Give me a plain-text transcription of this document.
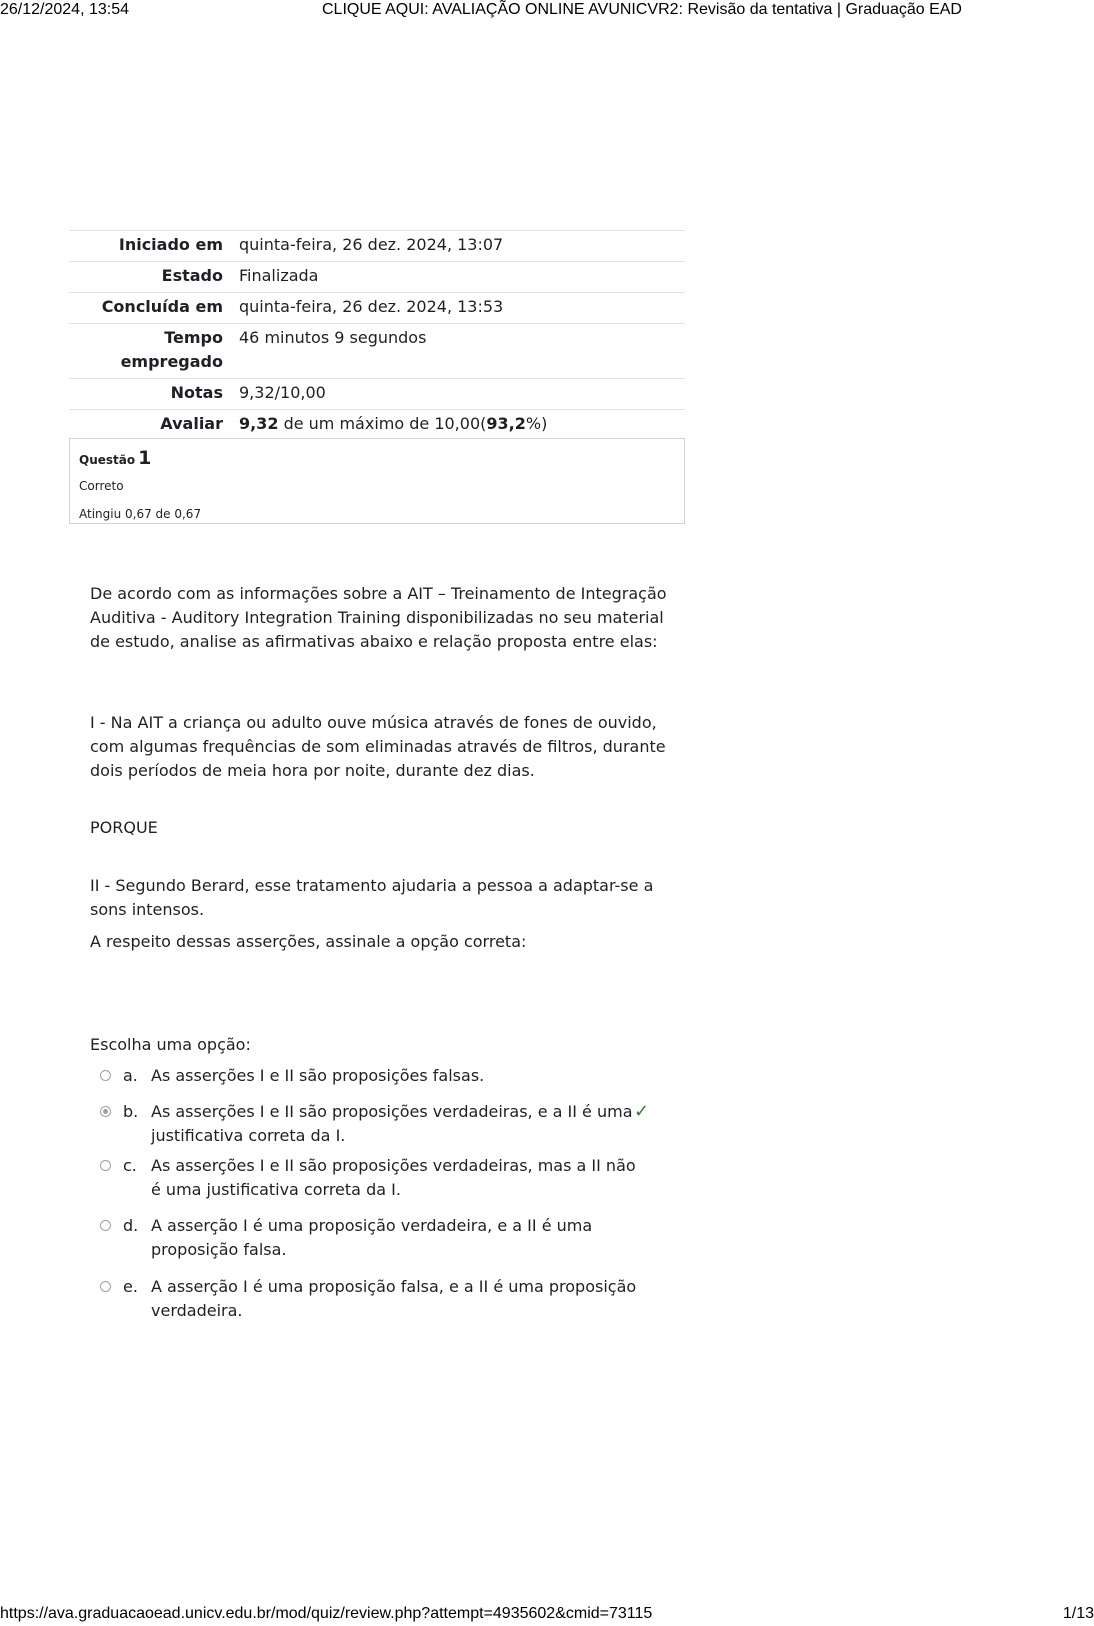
26/12/2024, 13:54	CLIQUE AQUI: AVALIAÇÃO ONLINE AVUNICVR2: Revisão da tentativa | Graduação EAD
Iniciado em	quinta-feira, 26 dez. 2024, 13:07
Estado	Finalizada
Concluída em	quinta-feira, 26 dez. 2024, 13:53
Tempo
empregado	46 minutos 9 segundos
Notas	9,32/10,00
Avaliar	9,32 de um máximo de 10,00(93,2%)
Questão 1
Correto
Atingiu 0,67 de 0,67

De acordo com as informações sobre a AIT – Treinamento de Integração Auditiva - Auditory Integration Training disponibilizadas no seu material de estudo, analise as afirmativas abaixo e relação proposta entre elas:

I - Na AIT a criança ou adulto ouve música através de fones de ouvido, com algumas frequências de som eliminadas através de filtros, durante dois períodos de meia hora por noite, durante dez dias.

PORQUE

II - Segundo Berard, esse tratamento ajudaria a pessoa a adaptar-se a sons intensos.

A respeito dessas asserções, assinale a opção correta:

Escolha uma opção:

a. As asserções I e II são proposições falsas.
b. As asserções I e II são proposições verdadeiras, e a II é uma justificativa correta da I.
✓
c. As asserções I e II são proposições verdadeiras, mas a II não é uma justificativa correta da I.
d. A asserção I é uma proposição verdadeira, e a II é uma proposição falsa.
e. A asserção I é uma proposição falsa, e a II é uma proposição verdadeira.
https://ava.graduacaoead.unicv.edu.br/mod/quiz/review.php?attempt=4935602&cmid=73115	1/13
